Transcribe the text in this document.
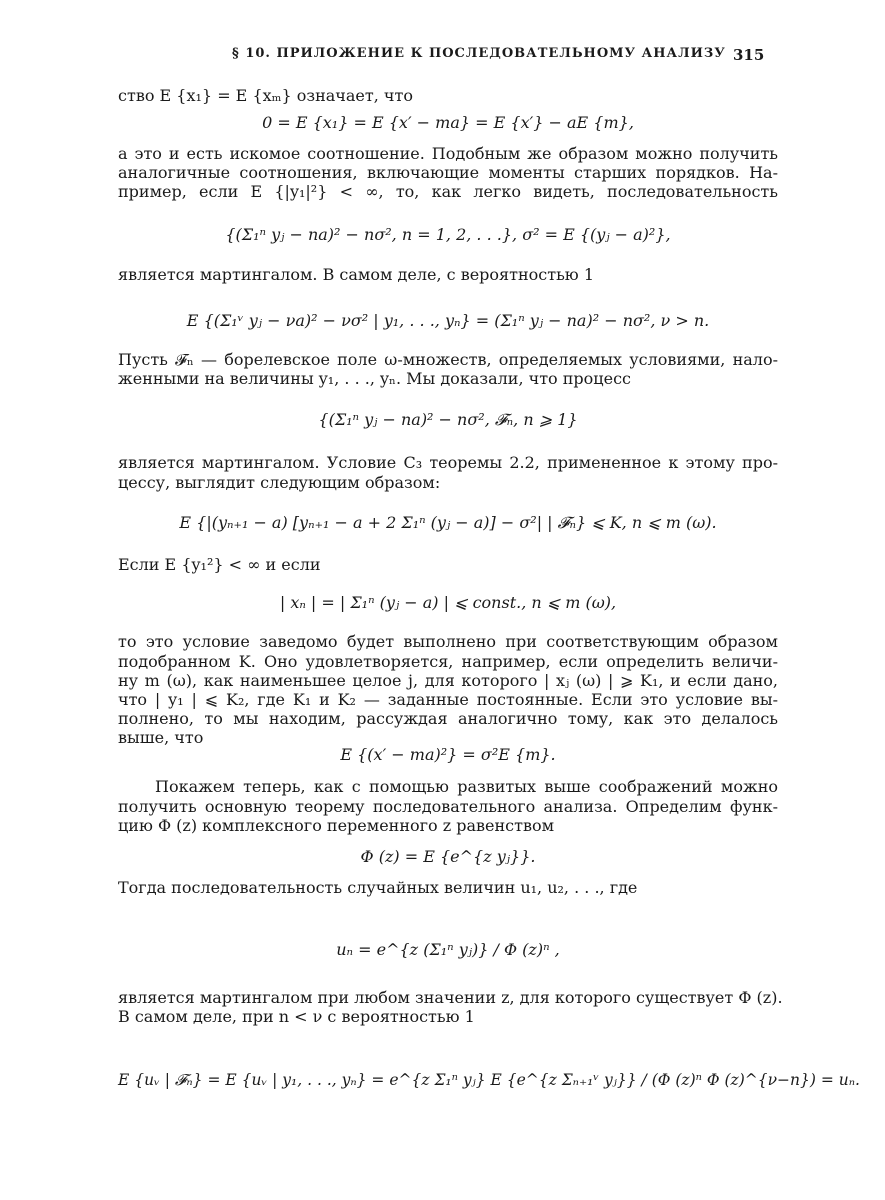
§ 10. ПРИЛОЖЕНИЕ К ПОСЛЕДОВАТЕЛЬНОМУ АНАЛИЗУ 315
ство E {x₁} = E {xₘ} означает, что
0 = E {x₁} = E {x′ − ma} = E {x′} − aE {m},
а это и есть искомое соотношение. Подобным же образом можно получить
аналогичные соотношения, включающие моменты старших порядков. На-
пример, если E {|y₁|²} < ∞, то, как легко видеть, последовательность
{(Σ₁ⁿ yⱼ − na)² − nσ², n = 1, 2, . . .}, σ² = E {(yⱼ − a)²},
является мартингалом. В самом деле, с вероятностью 1
E {(Σ₁ᵛ yⱼ − νa)² − νσ² | y₁, . . ., yₙ} = (Σ₁ⁿ yⱼ − na)² − nσ², ν > n.
Пусть 𝓕ₙ — борелевское поле ω-множеств, определяемых условиями, нало-
женными на величины y₁, . . ., yₙ. Мы доказали, что процесс
{(Σ₁ⁿ yⱼ − na)² − nσ², 𝓕ₙ, n ⩾ 1}
является мартингалом. Условие C₃ теоремы 2.2, примененное к этому про-
цессу, выглядит следующим образом:
E {|(yₙ₊₁ − a) [yₙ₊₁ − a + 2 Σ₁ⁿ (yⱼ − a)] − σ²| | 𝓕ₙ} ⩽ K, n ⩽ m (ω).
Если E {y₁²} < ∞ и если
| xₙ | = | Σ₁ⁿ (yⱼ − a) | ⩽ const., n ⩽ m (ω),
то это условие заведомо будет выполнено при соответствующим образом
подобранном K. Оно удовлетворяется, например, если определить величи-
ну m (ω), как наименьшее целое j, для которого | xⱼ (ω) | ⩾ K₁, и если дано,
что | y₁ | ⩽ K₂, где K₁ и K₂ — заданные постоянные. Если это условие вы-
полнено, то мы находим, рассуждая аналогично тому, как это делалось
выше, что
E {(x′ − ma)²} = σ²E {m}.
Покажем теперь, как с помощью развитых выше соображений можно
получить основную теорему последовательного анализа. Определим функ-
цию Φ (z) комплексного переменного z равенством
Φ (z) = E {e^{z yⱼ}}.
Тогда последовательность случайных величин u₁, u₂, . . ., где
uₙ = e^{z (Σ₁ⁿ yⱼ)} / Φ (z)ⁿ ,
является мартингалом при любом значении z, для которого существует Φ (z).
В самом деле, при n < ν с вероятностью 1
E {uᵥ | 𝓕ₙ} = E {uᵥ | y₁, . . ., yₙ} = e^{z Σ₁ⁿ yⱼ} E {e^{z Σₙ₊₁ᵛ yⱼ}} / (Φ (z)ⁿ Φ (z)^{ν−n}) = uₙ.
